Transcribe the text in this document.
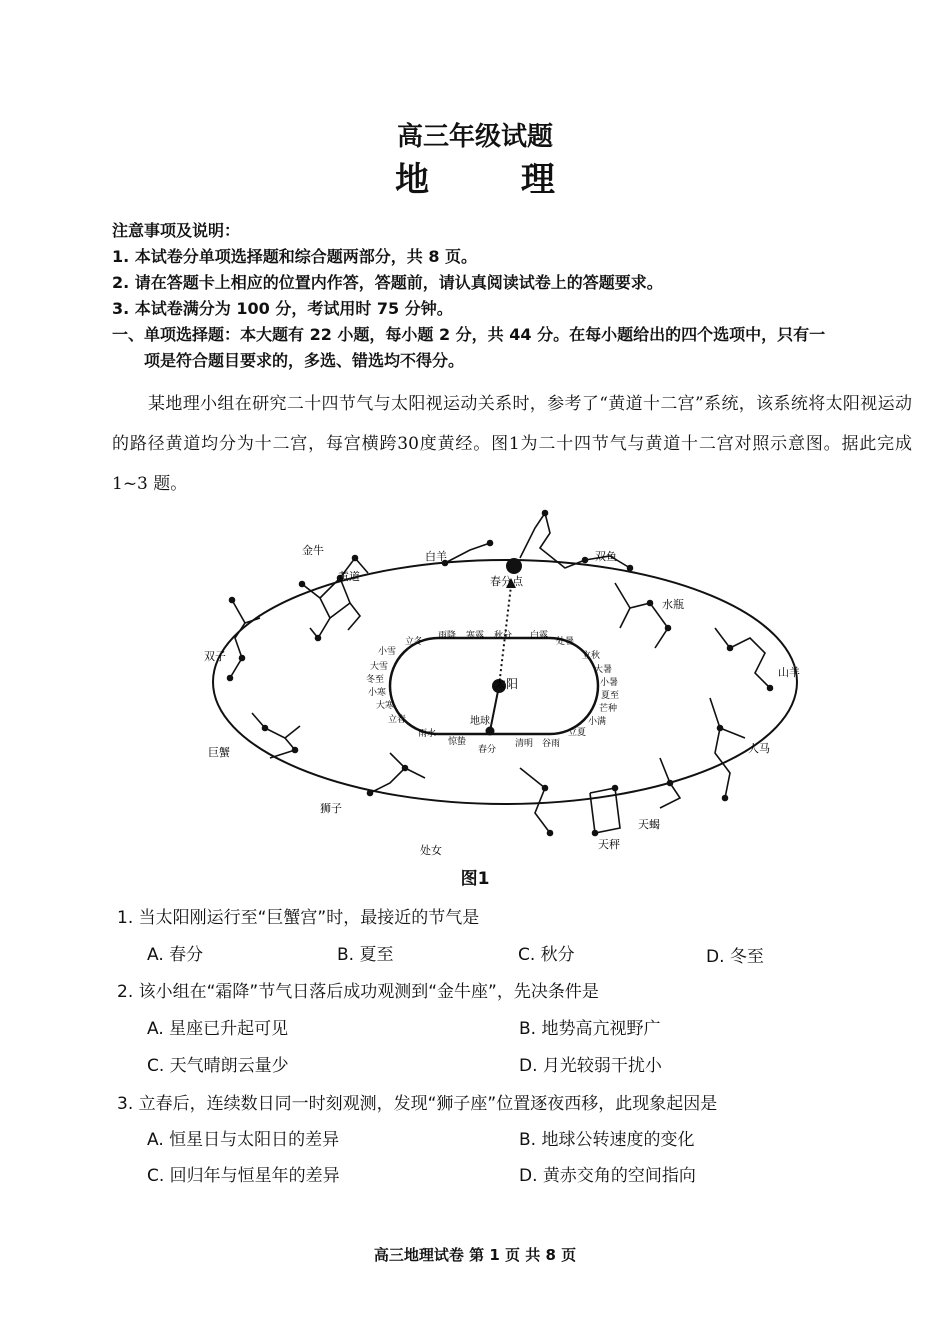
高三年级试题
地 理
注意事项及说明：
1. 本试卷分单项选择题和综合题两部分，共 8 页。
2. 请在答题卡上相应的位置内作答，答题前，请认真阅读试卷上的答题要求。
3. 本试卷满分为 100 分，考试用时 75 分钟。
一、单项选择题：本大题有 22 小题，每小题 2 分，共 44 分。在每小题给出的四个选项中，只有一
项是符合题目要求的，多选、错选均不得分。
某地理小组在研究二十四节气与太阳视运动关系时，参考了“黄道十二宫”系统，该系统将太阳视运动的路径黄道均分为十二宫，每宫横跨30度黄经。图1为二十四节气与黄道十二宫对照示意图。据此完成 1~3 题。
太阳
地球
春分点
黄道
金牛	白羊	双鱼
水瓶
山羊
人马
天蝎
天秤
处女
狮子
巨蟹
双子
雨降 寒露 秋分 白露
处暑
立秋
大暑
小暑
夏至
芒种
小满
立夏
谷雨
清明
春分
惊蛰
雨水
立春
大寒
小寒
冬至
大雪
小雪
立冬
图1
1. 当太阳刚运行至“巨蟹宫”时，最接近的节气是
A. 春分	B. 夏至	C. 秋分	D. 冬至
2. 该小组在“霜降”节气日落后成功观测到“金牛座”，先决条件是
A. 星座已升起可见	B. 地势高亢视野广
C. 天气晴朗云量少	D. 月光较弱干扰小
3. 立春后，连续数日同一时刻观测，发现“狮子座”位置逐夜西移，此现象起因是
A. 恒星日与太阳日的差异	B. 地球公转速度的变化
C. 回归年与恒星年的差异	D. 黄赤交角的空间指向
高三地理试卷 第 1 页 共 8 页
